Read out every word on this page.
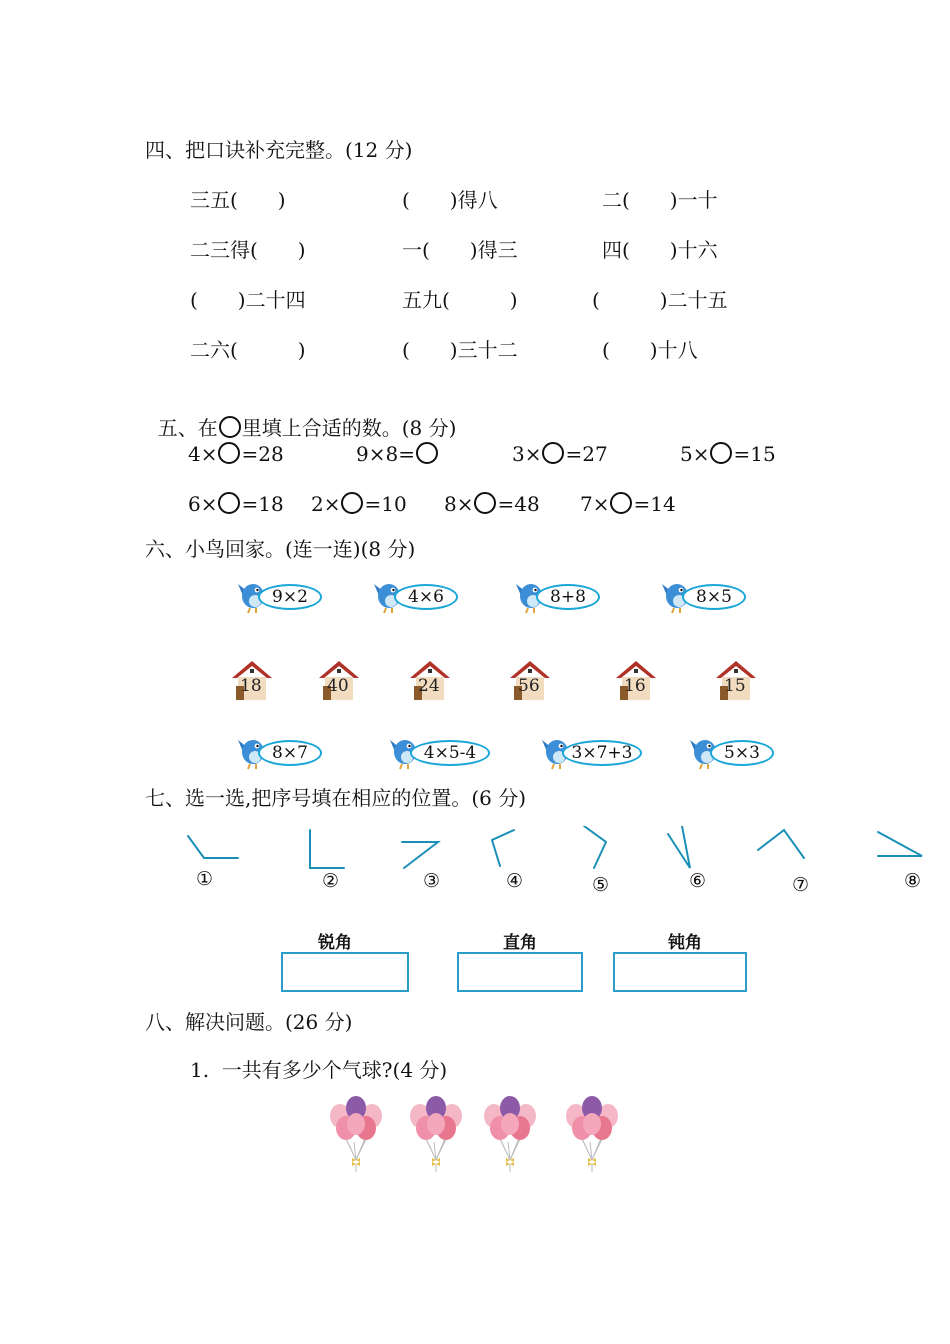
四、把口诀补充完整。(12 分)
三五(　　)	(　　)得八	二(　　)一十
二三得(　　)	一(　　)得三	四(　　)十六
(　　)二十四	五九(　　　)	(　　　)二十五
二六(　　　)	(　　)三十二	(　　)十八

五、在 里填上合适的数。(8 分)

4× =28	9×8=	3× =27	5× =15
6× =18 2× =10 8× =48 7× =14
六、小鸟回家。(连一连)(8 分)
9×2	4×6	8+8	8×5
18	40	24	56	16	15
8×7	4×5-4	3×7+3	5×3
七、选一选,把序号填在相应的位置。(6 分)
①	②	③	④	⑤	⑥	⑦	⑧
锐角	直角	钝角
八、解决问题。(26 分)
1.  一共有多少个气球?(4 分)
